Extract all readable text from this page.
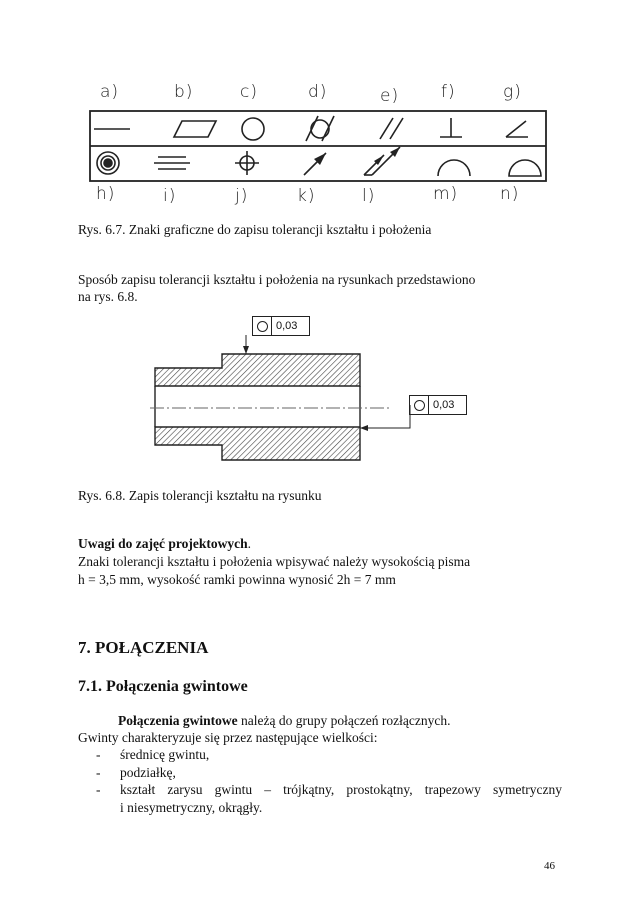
a)	b)	c)	d)	e) f)	g)
h)	i)	j)	k)	l)	m) n)
Rys. 6.7. Znaki graficzne do zapisu tolerancji kształtu i położenia
Sposób zapisu tolerancji kształtu i położenia na rysunkach przedstawiono
na rys. 6.8.
0,03
0,03
Rys. 6.8. Zapis tolerancji kształtu na rysunku
Uwagi do zajęć projektowych.
Znaki tolerancji kształtu i położenia wpisywać należy wysokością pisma
h = 3,5 mm, wysokość ramki powinna wynosić 2h = 7 mm
7. POŁĄCZENIA
7.1. Połączenia gwintowe
Połączenia gwintowe należą do grupy połączeń rozłącznych.
Gwinty charakteryzuje się przez następujące wielkości:
- średnicę gwintu,
- podziałkę,
-	kształt zarysu gwintu – trójkątny, prostokątny, trapezowy symetryczny
i niesymetryczny, okrągły.
46
